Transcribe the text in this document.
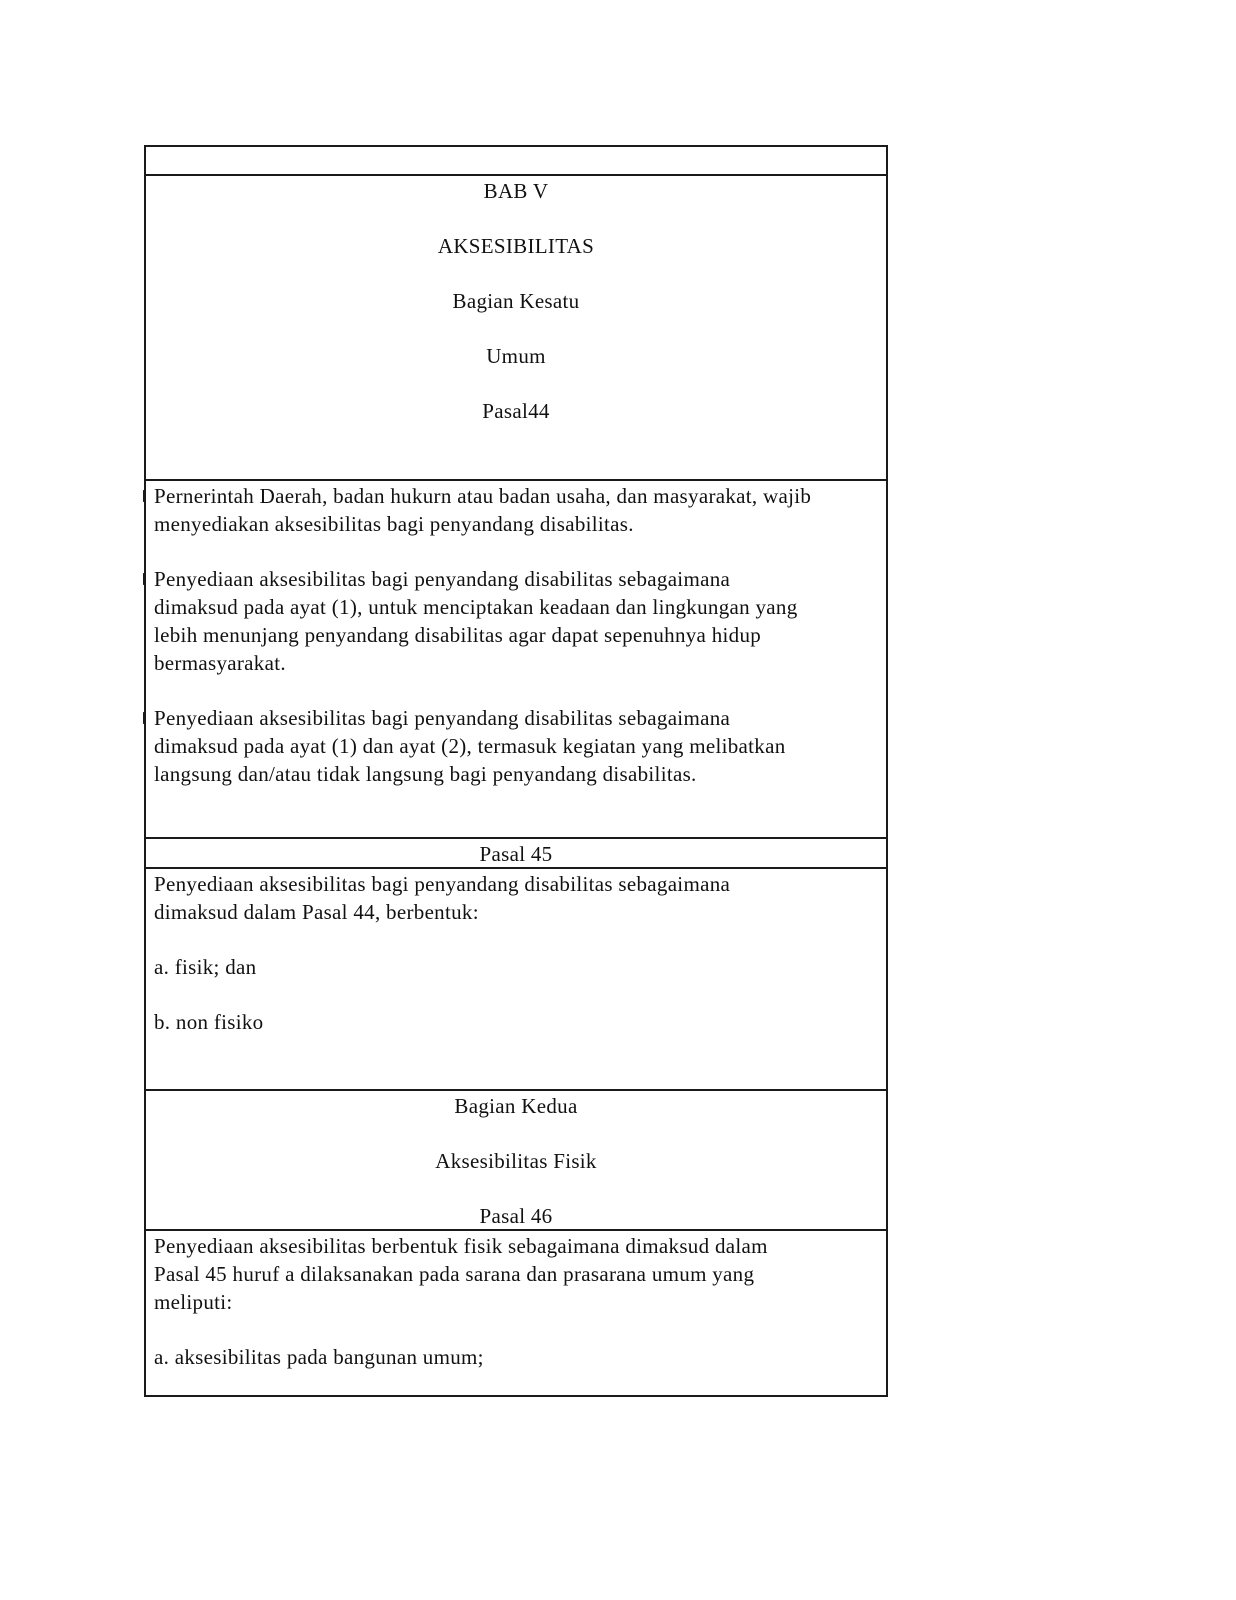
BAB V

AKSESIBILITAS

Bagian Kesatu

Umum

Pasal44

Pernerintah Daerah, badan hukurn atau badan usaha, dan masyarakat, wajib
menyediakan aksesibilitas bagi penyandang disabilitas.
Penyediaan aksesibilitas bagi penyandang disabilitas sebagaimana
dimaksud pada ayat (1), untuk menciptakan keadaan dan lingkungan yang
lebih menunjang penyandang disabilitas agar dapat sepenuhnya hidup
bermasyarakat.
Penyediaan aksesibilitas bagi penyandang disabilitas sebagaimana
dimaksud pada ayat (1) dan ayat (2), termasuk kegiatan yang melibatkan
langsung dan/atau tidak langsung bagi penyandang disabilitas.

Pasal 45

Penyediaan aksesibilitas bagi penyandang disabilitas sebagaimana
dimaksud dalam Pasal 44, berbentuk:
a. fisik; dan
b. non fisiko

Bagian Kedua

Aksesibilitas Fisik

Pasal 46

Penyediaan aksesibilitas berbentuk fisik sebagaimana dimaksud dalam
Pasal 45 huruf a dilaksanakan pada sarana dan prasarana umum yang
meliputi:
a. aksesibilitas pada bangunan umum;
